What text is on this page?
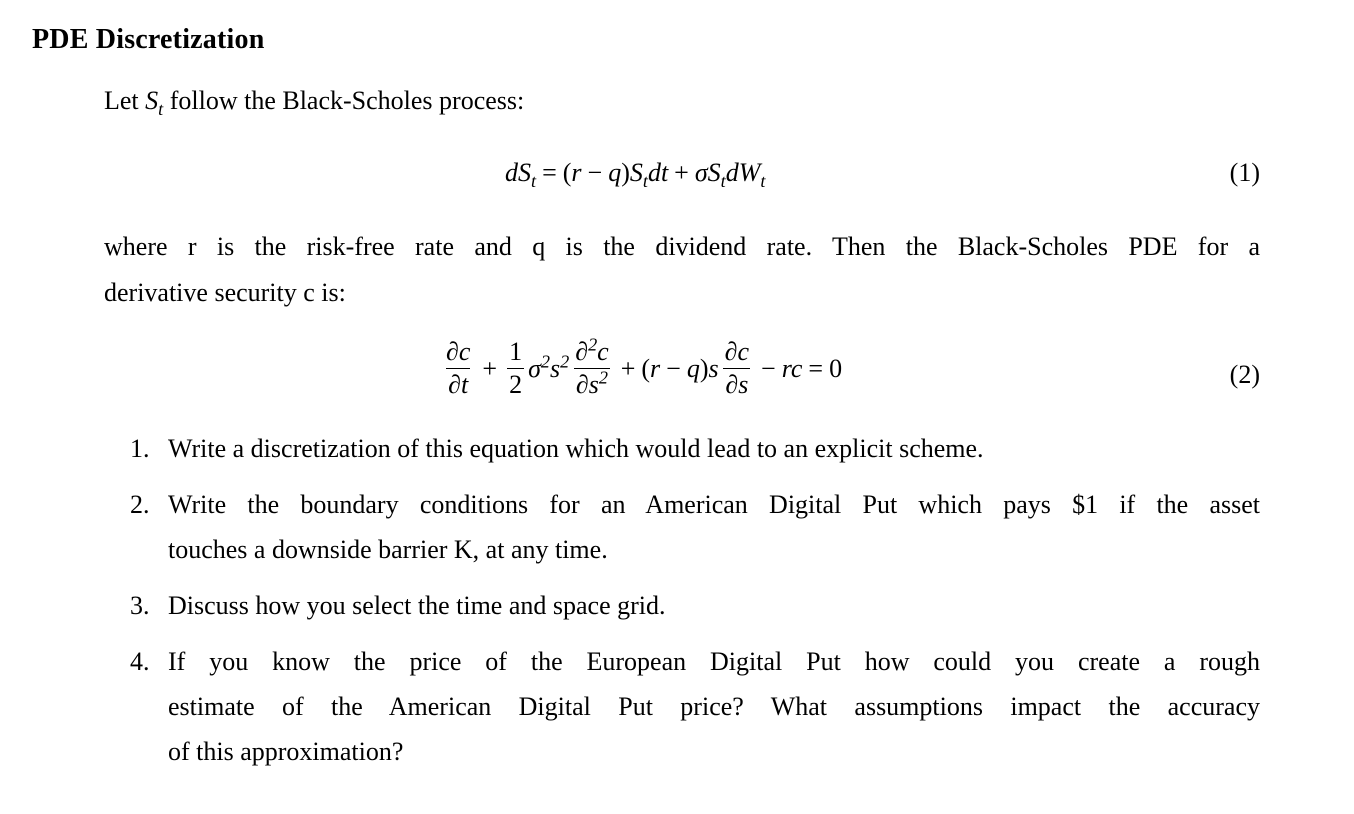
PDE Discretization
Let $S_t$ follow the Black-Scholes process:
$dS_t = (r - q)S_tdt + \sigma S_tdW_t$	(1)
where r is the risk-free rate and q is the dividend rate. Then the Black-Scholes PDE for a
derivative security c is:
$\frac{\partial c}{\partial t} + \frac{1}{2} \sigma^2s^2 \frac{\partial^2c}{\partial s^2}$ + ( r − q ) s $\frac{\partial c}{\partial s}$ − rc = 0	(2)
1. Write a discretization of this equation which would lead to an explicit scheme.
2. Write the boundary conditions for an American Digital Put which pays $1 if the asset
touches a downside barrier K, at any time.
3. Discuss how you select the time and space grid.
4. If you know the price of the European Digital Put how could you create a rough
estimate of the American Digital Put price? What assumptions impact the accuracy
of this approximation?
